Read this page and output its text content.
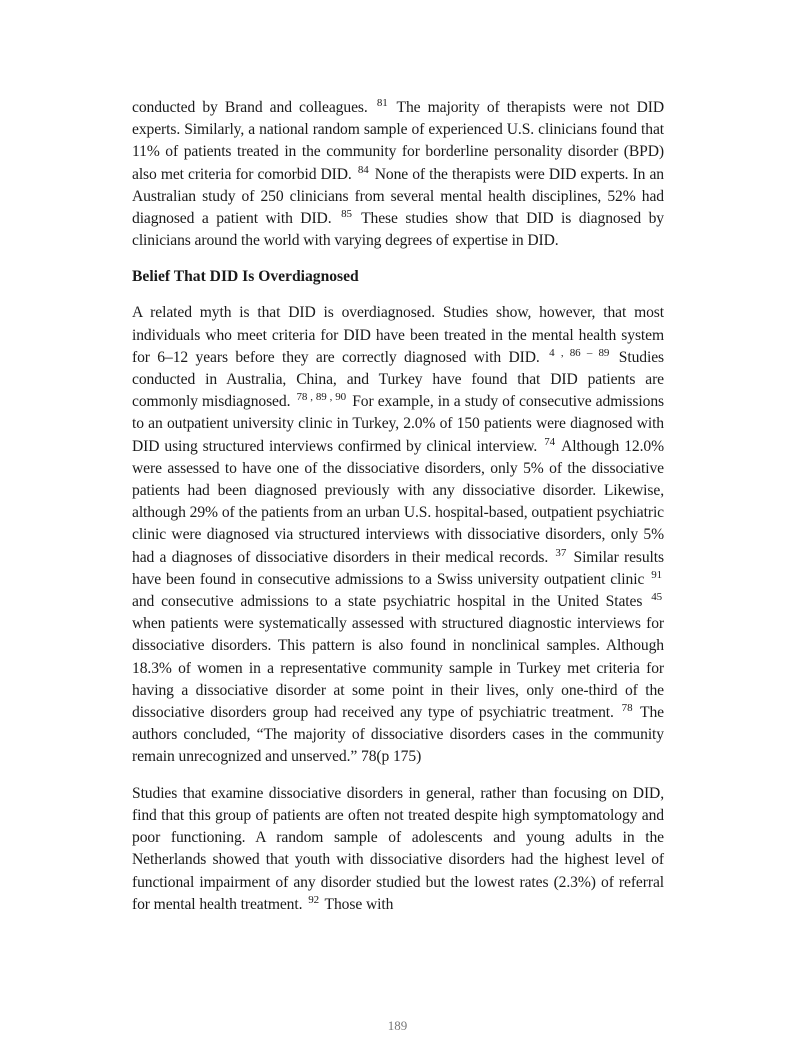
conducted by Brand and colleagues. $^{81}$ The majority of therapists were not DID experts. Similarly, a national random sample of experienced U.S. clinicians found that 11% of patients treated in the community for borderline personality disorder (BPD) also met criteria for comorbid DID. $^{84}$ None of the therapists were DID experts. In an Australian study of 250 clinicians from several mental health disciplines, 52% had diagnosed a patient with DID. $^{85}$ These studies show that DID is diagnosed by clinicians around the world with varying degrees of expertise in DID.

Belief That DID Is Overdiagnosed

A related myth is that DID is overdiagnosed. Studies show, however, that most individuals who meet criteria for DID have been treated in the mental health system for 6–12 years before they are correctly diagnosed with DID. $^{4 , 86 - 89}$ Studies conducted in Australia, China, and Turkey have found that DID patients are commonly misdiagnosed. $^{78 , 89 , 90}$ For example, in a study of consecutive admissions to an outpatient university clinic in Turkey, 2.0% of 150 patients were diagnosed with DID using structured interviews confirmed by clinical interview. $^{74}$ Although 12.0% were assessed to have one of the dissociative disorders, only 5% of the dissociative patients had been diagnosed previously with any dissociative disorder. Likewise, although 29% of the patients from an urban U.S. hospital-based, outpatient psychiatric clinic were diagnosed via structured interviews with dissociative disorders, only 5% had a diagnoses of dissociative disorders in their medical records. $^{37}$ Similar results have been found in consecutive admissions to a Swiss university outpatient clinic $^{91}$ and consecutive admissions to a state psychiatric hospital in the United States $^{45}$ when patients were systematically assessed with structured diagnostic interviews for dissociative disorders. This pattern is also found in nonclinical samples. Although 18.3% of women in a representative community sample in Turkey met criteria for having a dissociative disorder at some point in their lives, only one-third of the dissociative disorders group had received any type of psychiatric treatment. $^{78}$ The authors concluded, “The majority of dissociative disorders cases in the community remain unrecognized and unserved.” 78(p 175)

Studies that examine dissociative disorders in general, rather than focusing on DID, find that this group of patients are often not treated despite high symptomatology and poor functioning. A random sample of adolescents and young adults in the Netherlands showed that youth with dissociative disorders had the highest level of functional impairment of any disorder studied but the lowest rates (2.3%) of referral for mental health treatment. $^{92}$ Those with

189
